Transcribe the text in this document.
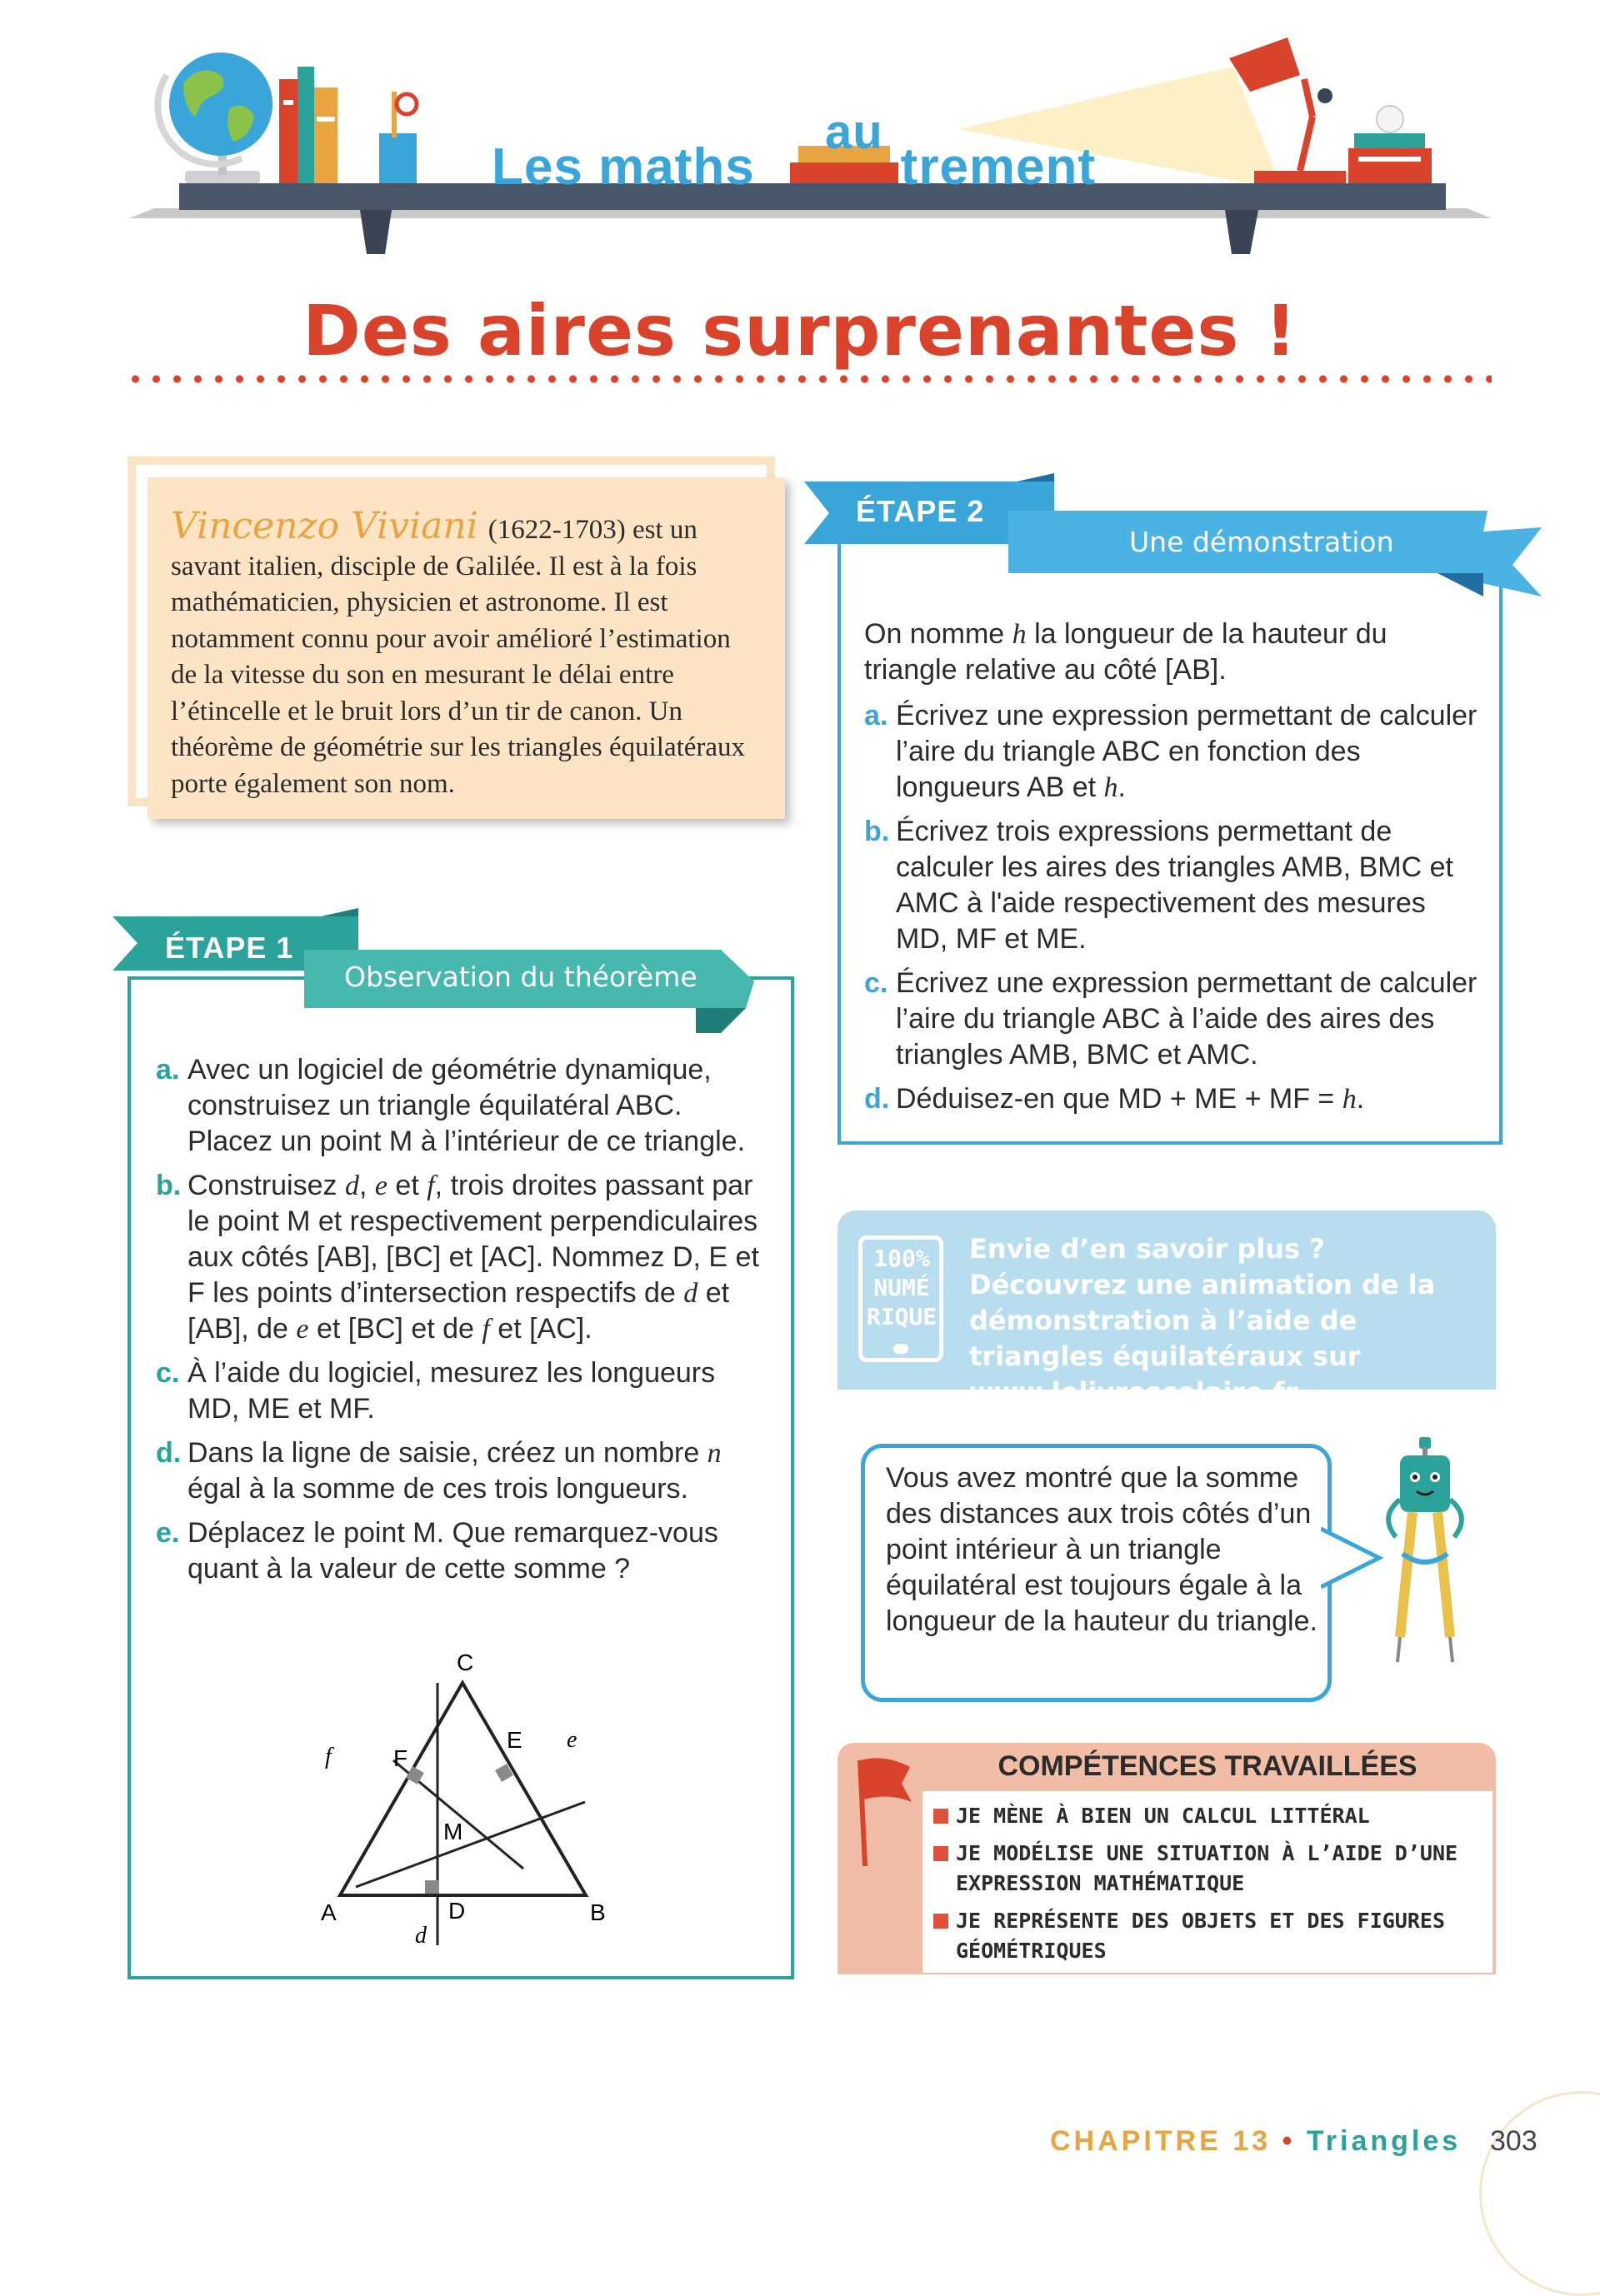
Les maths	trement
au
Des aires surprenantes !
Vincenzo Viviani (1622-1703) est un savant italien, disciple de Galilée. Il est à la fois mathématicien, physicien et astronome. Il est notamment connu pour avoir amélioré l’estimation de la vitesse du son en mesurant le délai entre l’étincelle et le bruit lors d’un tir de canon. Un théorème de géométrie sur les triangles équilatéraux porte également son nom.
ÉTAPE 1
Observation du théorème
a. Avec un logiciel de géométrie dynamique, construisez un triangle équilatéral ABC. Placez un point M à l’intérieur de ce triangle.
b. Construisez d, e et f, trois droites passant par le point M et respectivement perpendiculaires aux côtés [AB], [BC] et [AC]. Nommez D, E et F les points d’intersection respectifs de d et [AB], de e et [BC] et de f et [AC].
c. À l’aide du logiciel, mesurez les longueurs MD, ME et MF.
d. Dans la ligne de saisie, créez un nombre n égal à la somme de ces trois longueurs.
e. Déplacez le point M. Que remarquez-vous quant à la valeur de cette somme ?
C
A	B
D
E
F
M
d
e
f
ÉTAPE 2
Une démonstration
On nomme h la longueur de la hauteur du triangle relative au côté [AB].
a. Écrivez une expression permettant de calculer l’aire du triangle ABC en fonction des longueurs AB et h.
b. Écrivez trois expressions permettant de calculer les aires des triangles AMB, BMC et AMC à l'aide respectivement des mesures MD, MF et ME.
c. Écrivez une expression permettant de calculer l’aire du triangle ABC à l’aide des aires des triangles AMB, BMC et AMC.
d. Déduisez-en que MD + ME + MF = h.
100%
NUMÉ
RIQUE
Envie d’en savoir plus ? Découvrez une animation de la démonstration à l’aide de triangles équilatéraux sur www.lelivrescolaire.fr.
Vous avez montré que la somme des distances aux trois côtés d’un point intérieur à un triangle équilatéral est toujours égale à la longueur de la hauteur du triangle.
COMPÉTENCES TRAVAILLÉES
JE MÈNE À BIEN UN CALCUL LITTÉRAL
JE MODÉLISE UNE SITUATION À L’AIDE D’UNE EXPRESSION MATHÉMATIQUE
JE REPRÉSENTE DES OBJETS ET DES FIGURES GÉOMÉTRIQUES
CHAPITRE 13 • Triangles 303
